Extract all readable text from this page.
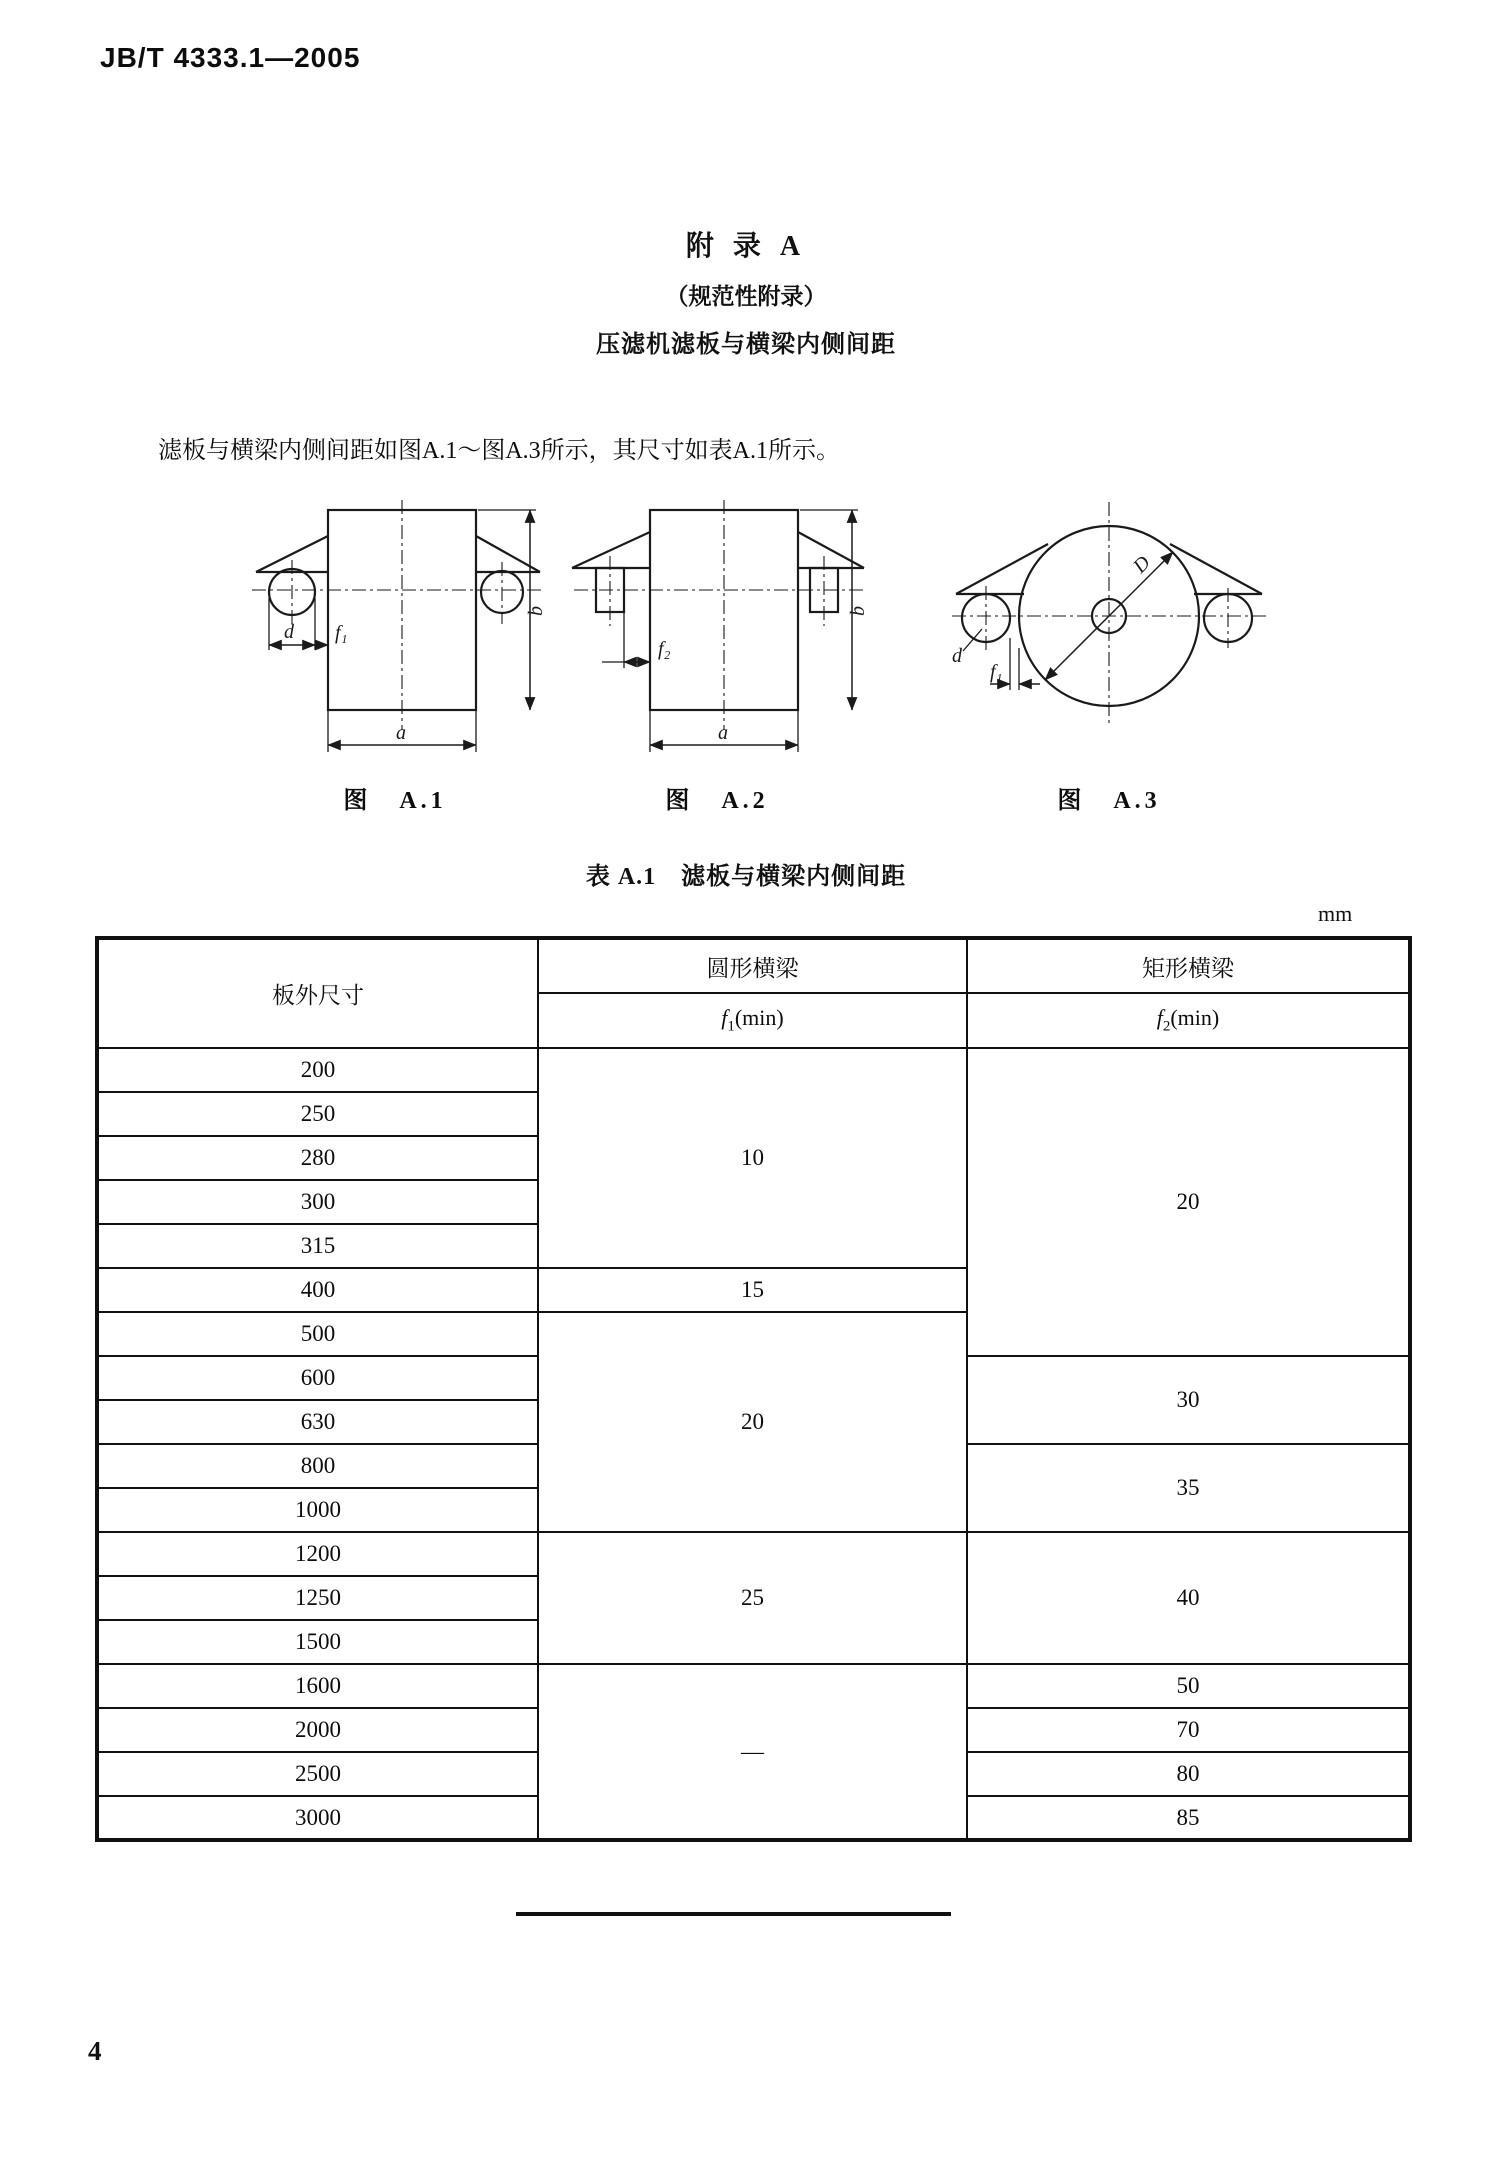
JB/T 4333.1—2005
附 录 A
（规范性附录）
压滤机滤板与横梁内侧间距
滤板与横梁内侧间距如图A.1～图A.3所示，其尺寸如表A.1所示。
d f₁
a
b
图　A.1
f₂
a
b
图　A.2
D
d
f₁
图　A.3
表 A.1　滤板与横梁内侧间距
mm
板外尺寸	圆形横梁	矩形横梁
	$f_1(\min)$	$f_2(\min)$
200	10	20
250		
280		
300		
315		
400	15	
500	20	
600		30
630		
800		35
1000		
1200	25	40
1250		
1500		
1600	—	50
2000		70
2500		80
3000		85
4
